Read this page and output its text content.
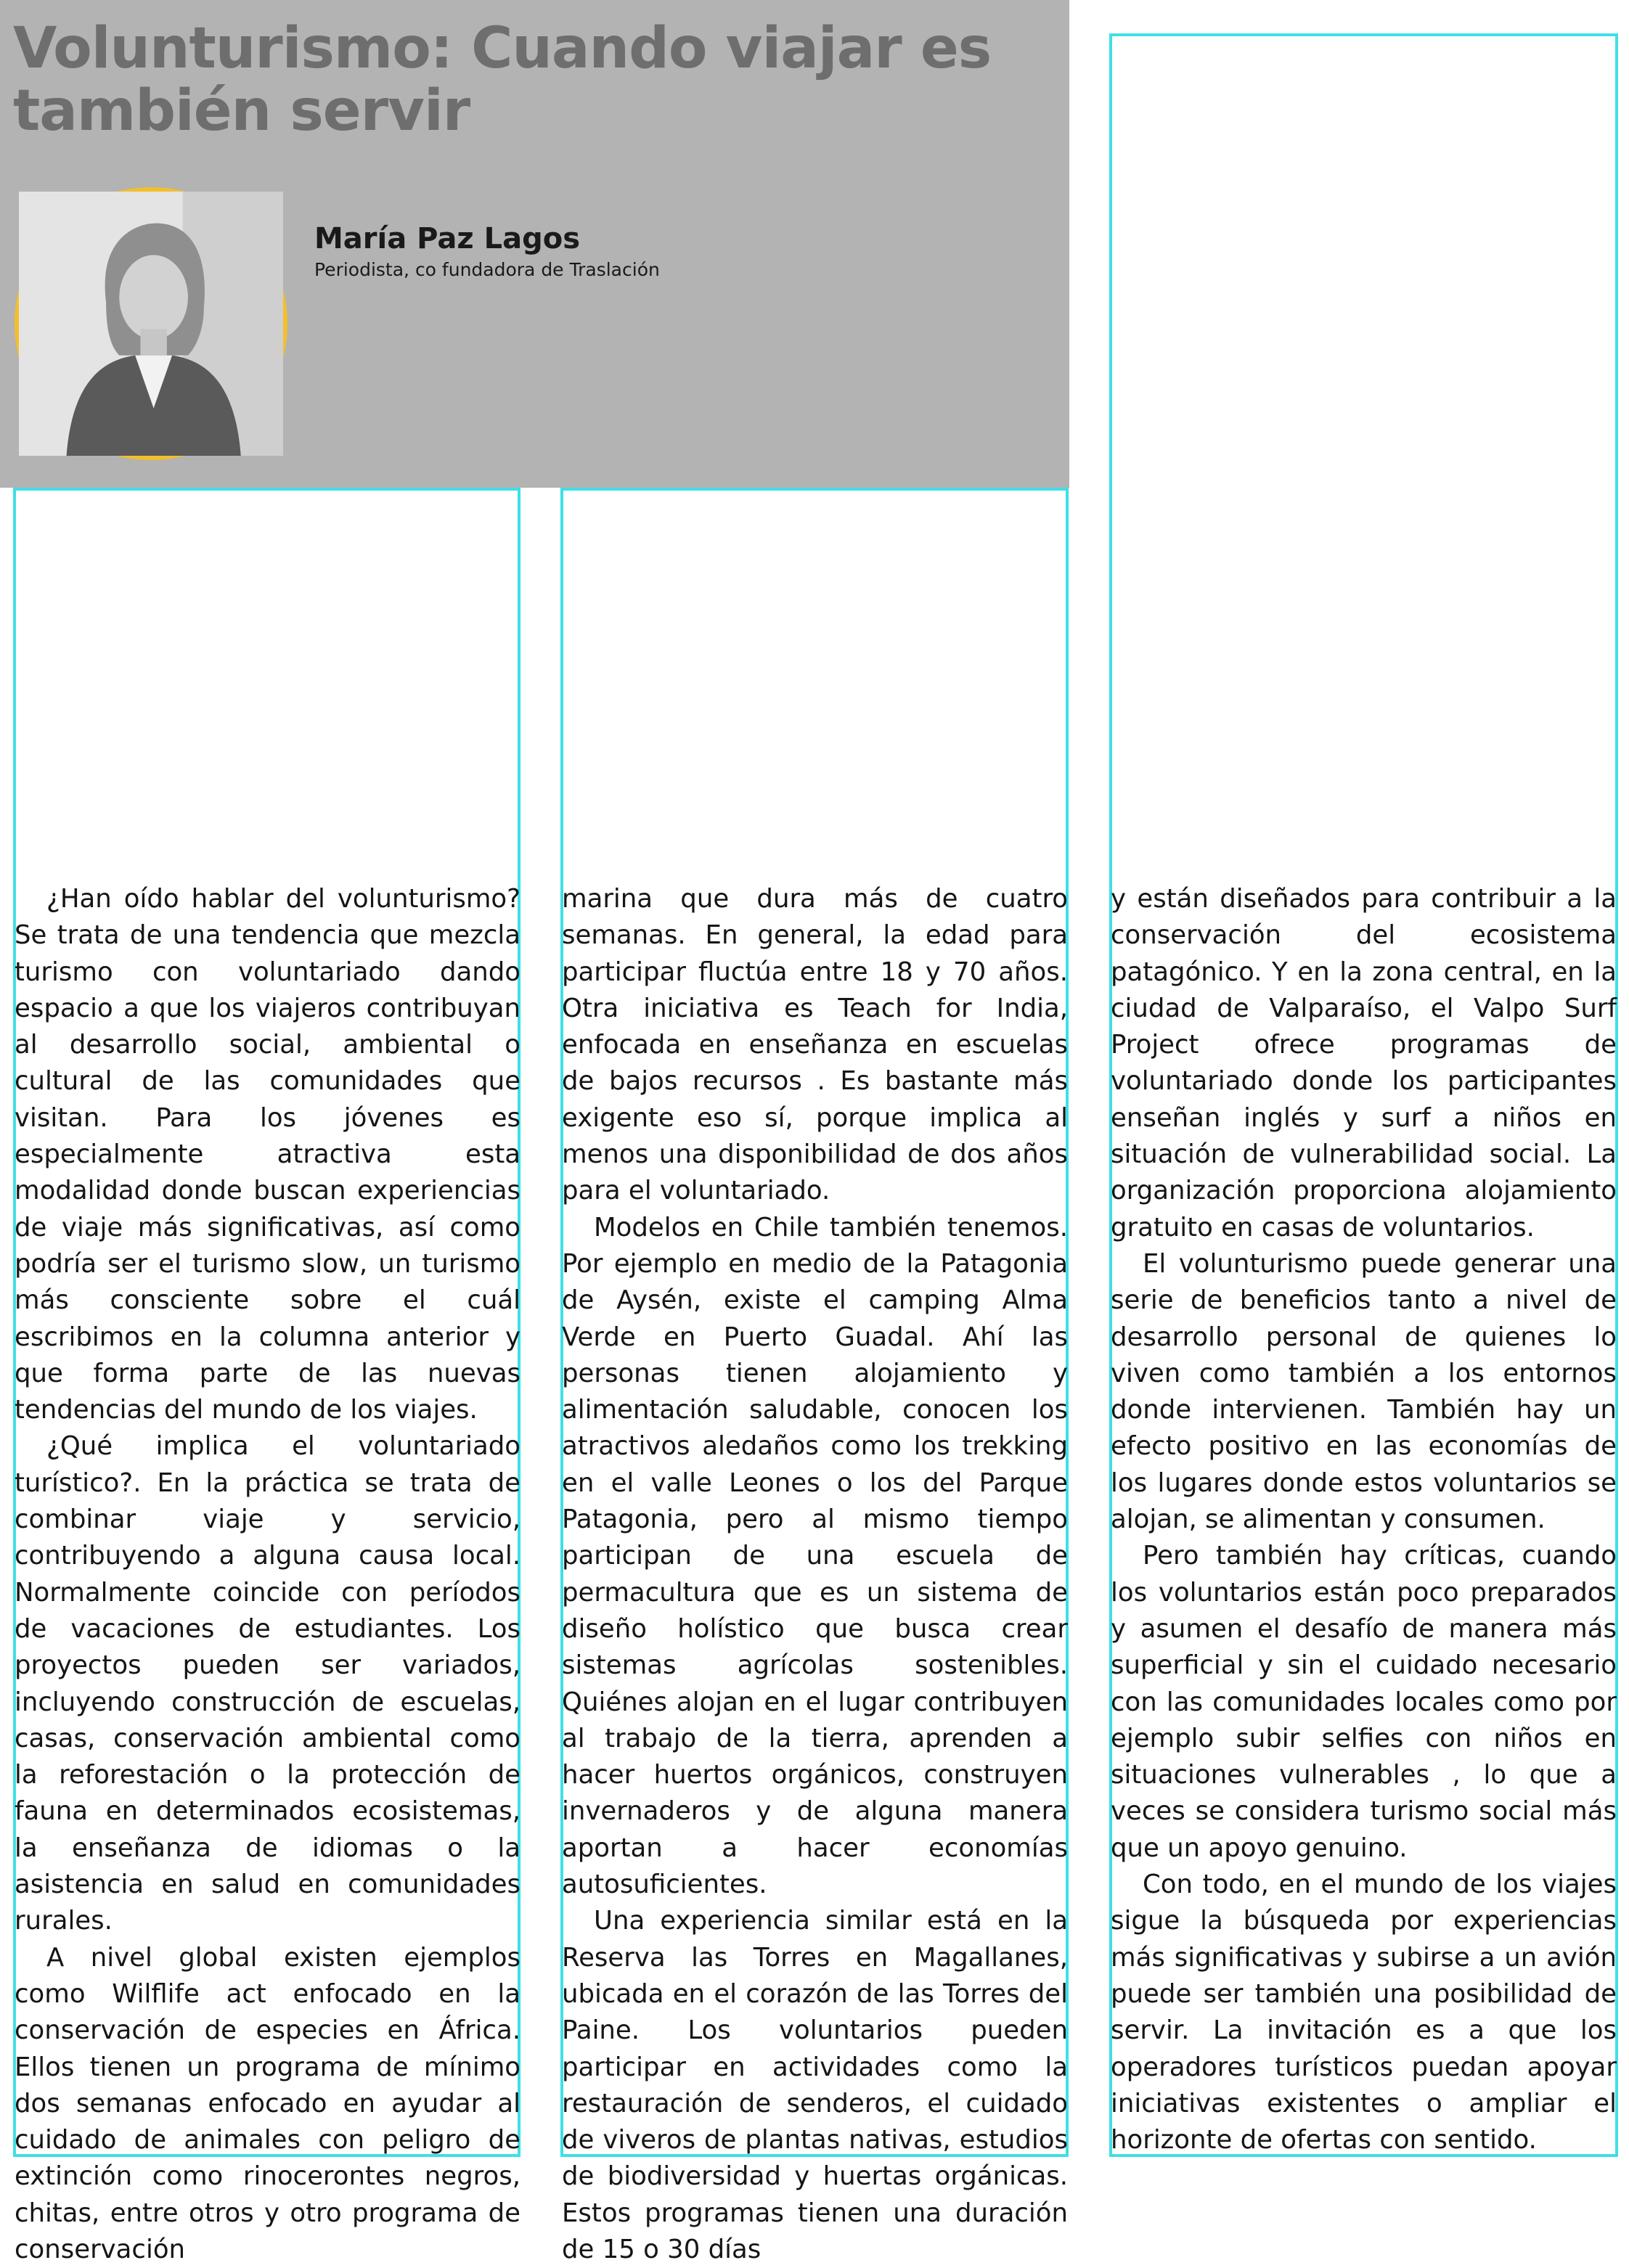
Volunturismo: Cuando viajar es también servir
María Paz Lagos
Periodista, co fundadora de Traslación

¿Han oído hablar del volunturismo? Se trata de una tendencia que mezcla turismo con voluntariado dando espacio a que los viajeros contribuyan al desarrollo social, ambiental o cultural de las comunidades que visitan. Para los jóvenes es especialmente atractiva esta modalidad donde buscan experiencias de viaje más significativas, así como podría ser el turismo slow, un turismo más consciente sobre el cuál escribimos en la columna anterior y que forma parte de las nuevas tendencias del mundo de los viajes.

¿Qué implica el voluntariado turístico?. En la práctica se trata de combinar viaje y servicio, contribuyendo a alguna causa local. Normalmente coincide con períodos de vacaciones de estudiantes. Los proyectos pueden ser variados, incluyendo construcción de escuelas, casas, conservación ambiental como la reforestación o la protección de fauna en determinados ecosistemas, la enseñanza de idiomas o la asistencia en salud en comunidades rurales.

A nivel global existen ejemplos como Wilflife act enfocado en la conservación de especies en África. Ellos tienen un programa de mínimo dos semanas enfocado en ayudar al cuidado de animales con peligro de extinción como rinocerontes negros, chitas, entre otros y otro programa de conservación

marina que dura más de cuatro semanas. En general, la edad para participar fluctúa entre 18 y 70 años. Otra iniciativa es Teach for India, enfocada en enseñanza en escuelas de bajos recursos . Es bastante más exigente eso sí, porque implica al menos una disponibilidad de dos años para el voluntariado.

Modelos en Chile también tenemos. Por ejemplo en medio de la Patagonia de Aysén, existe el camping Alma Verde en Puerto Guadal. Ahí las personas tienen alojamiento y alimentación saludable, conocen los atractivos aledaños como los trekking en el valle Leones o los del Parque Patagonia, pero al mismo tiempo participan de una escuela de permacultura que es un sistema de diseño holístico que busca crear sistemas agrícolas sostenibles. Quiénes alojan en el lugar contribuyen al trabajo de la tierra, aprenden a hacer huertos orgánicos, construyen invernaderos y de alguna manera aportan a hacer economías autosuficientes.

Una experiencia similar está en la Reserva las Torres en Magallanes, ubicada en el corazón de las Torres del Paine. Los voluntarios pueden participar en actividades como la restauración de senderos, el cuidado de viveros de plantas nativas, estudios de biodiversidad y huertas orgánicas. Estos programas tienen una duración de 15 o 30 días

y están diseñados para contribuir a la conservación del ecosistema patagónico. Y en la zona central, en la ciudad de Valparaíso, el Valpo Surf Project ofrece programas de voluntariado donde los participantes enseñan inglés y surf a niños en situación de vulnerabilidad social. La organización proporciona alojamiento gratuito en casas de voluntarios.

El volunturismo puede generar una serie de beneficios tanto a nivel de desarrollo personal de quienes lo viven como también a los entornos donde intervienen. También hay un efecto positivo en las economías de los lugares donde estos voluntarios se alojan, se alimentan y consumen.

Pero también hay críticas, cuando los voluntarios están poco preparados y asumen el desafío de manera más superficial y sin el cuidado necesario con las comunidades locales como por ejemplo subir selfies con niños en situaciones vulnerables , lo que a veces se considera turismo social más que un apoyo genuino.

Con todo, en el mundo de los viajes sigue la búsqueda por experiencias más significativas y subirse a un avión puede ser también una posibilidad de servir. La invitación es a que los operadores turísticos puedan apoyar iniciativas existentes o ampliar el horizonte de ofertas con sentido.
